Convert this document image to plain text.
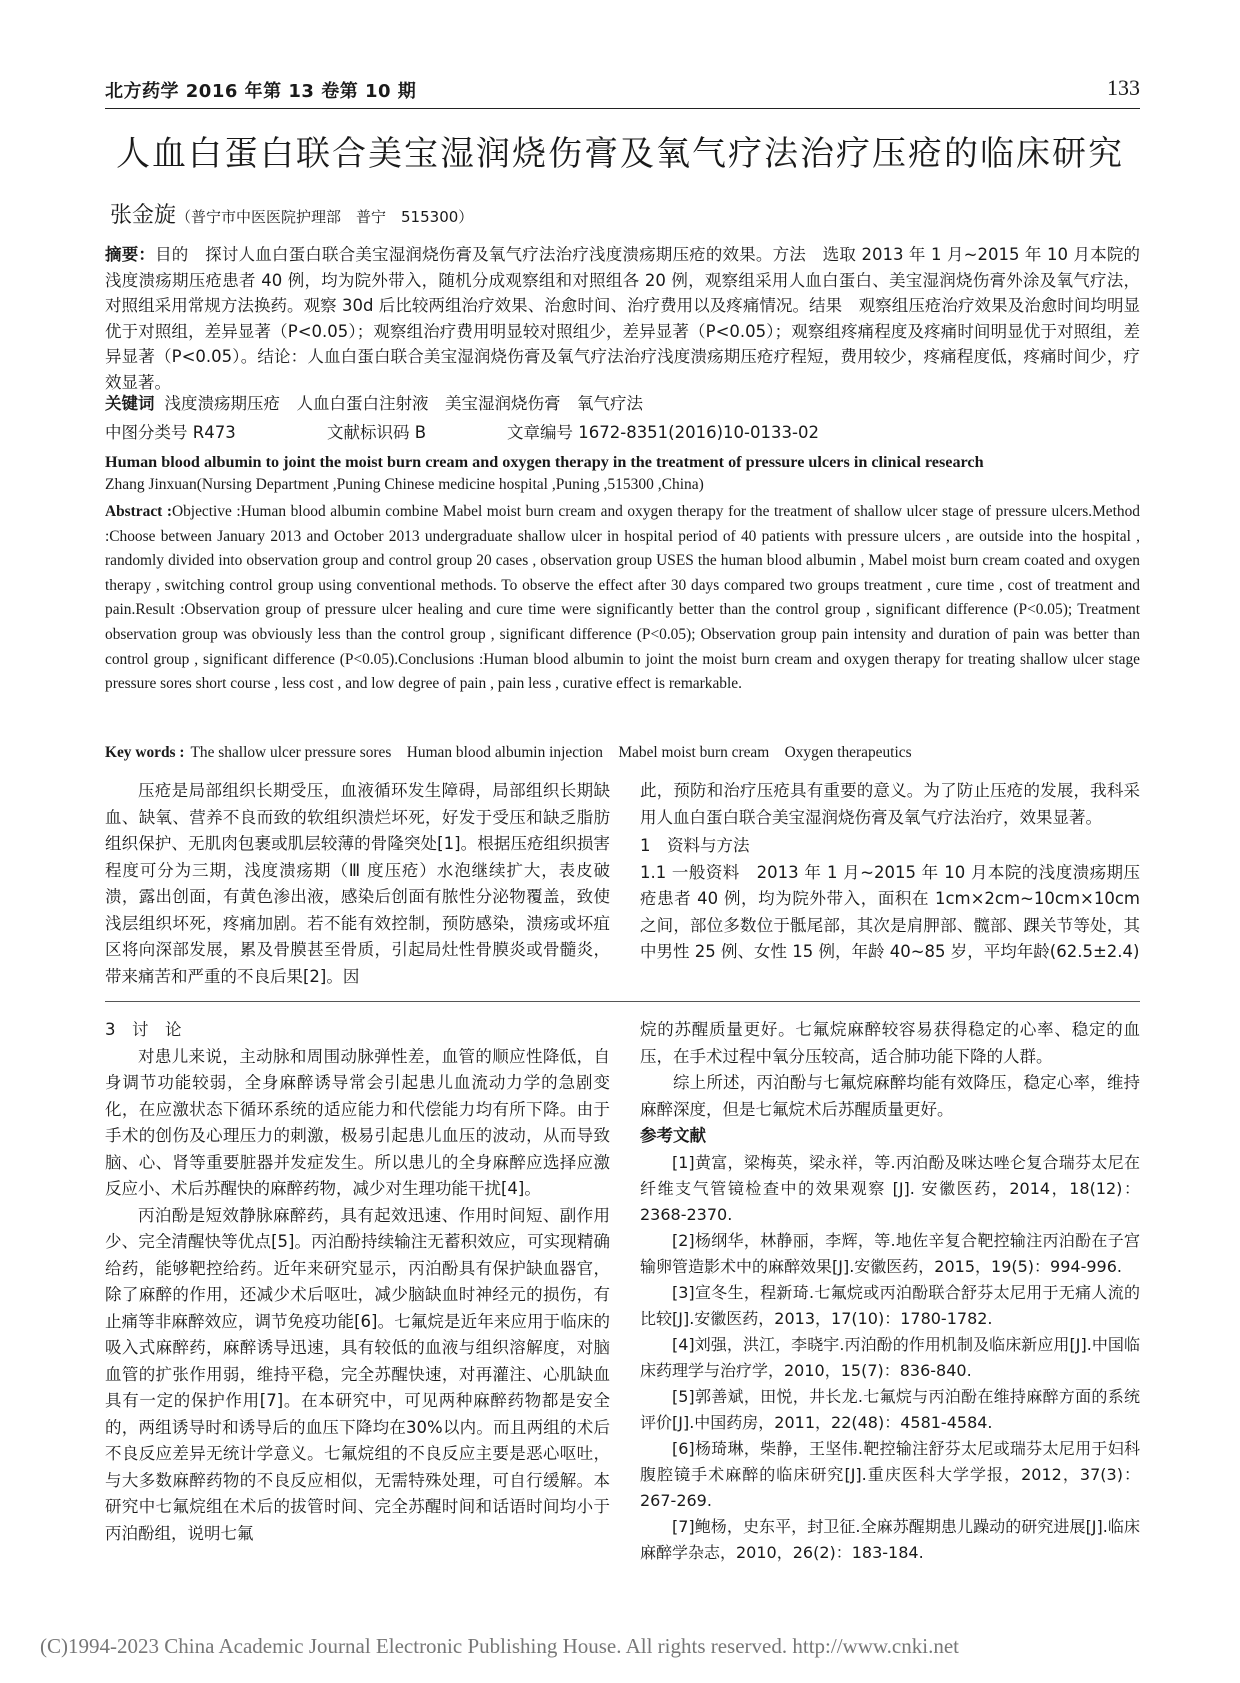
北方药学 2016 年第 13 卷第 10 期	133
人血白蛋白联合美宝湿润烧伤膏及氧气疗法治疗压疮的临床研究
张金旋（普宁市中医医院护理部　普宁　515300）
摘要：目的　探讨人血白蛋白联合美宝湿润烧伤膏及氧气疗法治疗浅度溃疡期压疮的效果。方法　选取 2013 年 1 月~2015 年 10 月本院的浅度溃疡期压疮患者 40 例，均为院外带入，随机分成观察组和对照组各 20 例，观察组采用人血白蛋白、美宝湿润烧伤膏外涂及氧气疗法，对照组采用常规方法换药。观察 30d 后比较两组治疗效果、治愈时间、治疗费用以及疼痛情况。结果　观察组压疮治疗效果及治愈时间均明显优于对照组，差异显著（P<0.05）；观察组治疗费用明显较对照组少，差异显著（P<0.05）；观察组疼痛程度及疼痛时间明显优于对照组，差异显著（P<0.05）。结论：人血白蛋白联合美宝湿润烧伤膏及氧气疗法治疗浅度溃疡期压疮疗程短，费用较少，疼痛程度低，疼痛时间少，疗效显著。
关键词 浅度溃疡期压疮　人血白蛋白注射液　美宝湿润烧伤膏　氧气疗法
中图分类号 R473	文献标识码 B	文章编号 1672-8351(2016)10-0133-02
Human blood albumin to joint the moist burn cream and oxygen therapy in the treatment of pressure ulcers in clinical research
Zhang Jinxuan(Nursing Department ,Puning Chinese medicine hospital ,Puning ,515300 ,China)
Abstract :Objective :Human blood albumin combine Mabel moist burn cream and oxygen therapy for the treatment of shallow ulcer stage of pressure ulcers.Method :Choose between January 2013 and October 2013 undergraduate shallow ulcer in hospital period of 40 patients with pressure ulcers , are outside into the hospital , randomly divided into observation group and control group 20 cases , observation group USES the human blood albumin , Mabel moist burn cream coated and oxygen therapy , switching control group using conventional methods. To observe the effect after 30 days compared two groups treatment , cure time , cost of treatment and pain.Result :Observation group of pressure ulcer healing and cure time were significantly better than the control group , significant difference (P<0.05); Treatment observation group was obviously less than the control group , significant difference (P<0.05); Observation group pain intensity and duration of pain was better than control group , significant difference (P<0.05).Conclusions :Human blood albumin to joint the moist burn cream and oxygen therapy for treating shallow ulcer stage pressure sores short course , less cost , and low degree of pain , pain less , curative effect is remarkable.
Key words : The shallow ulcer pressure sores　Human blood albumin injection　Mabel moist burn cream　Oxygen therapeutics

压疮是局部组织长期受压，血液循环发生障碍，局部组织长期缺血、缺氧、营养不良而致的软组织溃烂坏死，好发于受压和缺乏脂肪组织保护、无肌肉包裹或肌层较薄的骨隆突处[1]。根据压疮组织损害程度可分为三期，浅度溃疡期（Ⅲ 度压疮）水泡继续扩大，表皮破溃，露出创面，有黄色渗出液，感染后创面有脓性分泌物覆盖，致使浅层组织坏死，疼痛加剧。若不能有效控制，预防感染，溃疡或坏疽区将向深部发展，累及骨膜甚至骨质，引起局灶性骨膜炎或骨髓炎，带来痛苦和严重的不良后果[2]。因

此，预防和治疗压疮具有重要的意义。为了防止压疮的发展，我科采用人血白蛋白联合美宝湿润烧伤膏及氧气疗法治疗，效果显著。

1　资料与方法

1.1 一般资料　2013 年 1 月~2015 年 10 月本院的浅度溃疡期压疮患者 40 例，均为院外带入，面积在 1cm×2cm~10cm×10cm 之间，部位多数位于骶尾部，其次是肩胛部、髋部、踝关节等处，其中男性 25 例、女性 15 例，年龄 40~85 岁，平均年龄(62.5±2.4)

3　讨　论

对患儿来说，主动脉和周围动脉弹性差，血管的顺应性降低，自身调节功能较弱，全身麻醉诱导常会引起患儿血流动力学的急剧变化，在应激状态下循环系统的适应能力和代偿能力均有所下降。由于手术的创伤及心理压力的刺激，极易引起患儿血压的波动，从而导致脑、心、肾等重要脏器并发症发生。所以患儿的全身麻醉应选择应激反应小、术后苏醒快的麻醉药物，减少对生理功能干扰[4]。

丙泊酚是短效静脉麻醉药，具有起效迅速、作用时间短、副作用少、完全清醒快等优点[5]。丙泊酚持续输注无蓄积效应，可实现精确给药，能够靶控给药。近年来研究显示，丙泊酚具有保护缺血器官，除了麻醉的作用，还减少术后呕吐，减少脑缺血时神经元的损伤，有止痛等非麻醉效应，调节免疫功能[6]。七氟烷是近年来应用于临床的吸入式麻醉药，麻醉诱导迅速，具有较低的血液与组织溶解度，对脑血管的扩张作用弱，维持平稳，完全苏醒快速，对再灌注、心肌缺血具有一定的保护作用[7]。在本研究中，可见两种麻醉药物都是安全的，两组诱导时和诱导后的血压下降均在30%以内。而且两组的术后不良反应差异无统计学意义。七氟烷组的不良反应主要是恶心呕吐，与大多数麻醉药物的不良反应相似，无需特殊处理，可自行缓解。本研究中七氟烷组在术后的拔管时间、完全苏醒时间和话语时间均小于丙泊酚组，说明七氟

烷的苏醒质量更好。七氟烷麻醉较容易获得稳定的心率、稳定的血压，在手术过程中氧分压较高，适合肺功能下降的人群。

综上所述，丙泊酚与七氟烷麻醉均能有效降压，稳定心率，维持麻醉深度，但是七氟烷术后苏醒质量更好。

参考文献

[1]黄富，梁梅英，梁永祥，等.丙泊酚及咪达唑仑复合瑞芬太尼在纤维支气管镜检查中的效果观察 [J]. 安徽医药，2014，18(12)：2368-2370.

[2]杨纲华，林静丽，李辉，等.地佐辛复合靶控输注丙泊酚在子宫输卵管造影术中的麻醉效果[J].安徽医药，2015，19(5)：994-996.

[3]宣冬生，程新琦.七氟烷或丙泊酚联合舒芬太尼用于无痛人流的比较[J].安徽医药，2013，17(10)：1780-1782.

[4]刘强，洪江，李晓宇.丙泊酚的作用机制及临床新应用[J].中国临床药理学与治疗学，2010，15(7)：836-840.

[5]郭善斌，田悦，井长龙.七氟烷与丙泊酚在维持麻醉方面的系统评价[J].中国药房，2011，22(48)：4581-4584.

[6]杨琦琳，柴静，王坚伟.靶控输注舒芬太尼或瑞芬太尼用于妇科腹腔镜手术麻醉的临床研究[J].重庆医科大学学报，2012，37(3)：267-269.

[7]鲍杨，史东平，封卫征.全麻苏醒期患儿躁动的研究进展[J].临床麻醉学杂志，2010，26(2)：183-184.

(C)1994-2023 China Academic Journal Electronic Publishing House. All rights reserved. http://www.cnki.net
